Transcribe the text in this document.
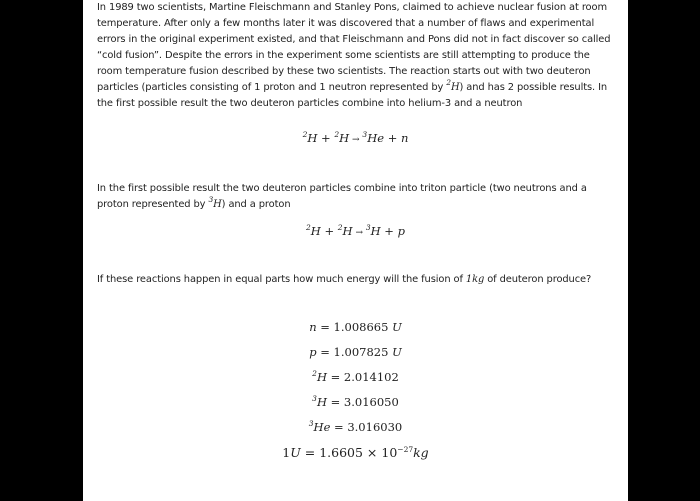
In 1989 two scientists, Martine Fleischmann and Stanley Pons, claimed to achieve nuclear fusion at room temperature. After only a few months later it was discovered that a number of flaws and experimental errors in the original experiment existed, and that Fleischmann and Pons did not in fact discover so called “cold fusion”. Despite the errors in the experiment some scientists are still attempting to produce the room temperature fusion described by these two scientists. The reaction starts out with two deuteron particles (particles consisting of 1 proton and 1 neutron represented by $^2$H) and has 2 possible results. In the first possible result the two deuteron particles combine into helium-3 and a neutron
$^2$H + $^2$H → $^3$He + n
In the first possible result the two deuteron particles combine into triton particle (two neutrons and a proton represented by $^3$H) and a proton
$^2$H + $^2$H → $^3$H + p
If these reactions happen in equal parts how much energy will the fusion of 1kg of deuteron produce?
n = 1.008665 U
p = 1.007825 U
$^2$H = 2.014102
$^3$H = 3.016050
$^3$He = 3.016030
$1U = 1.6605 \times 10^{-27}kg$
